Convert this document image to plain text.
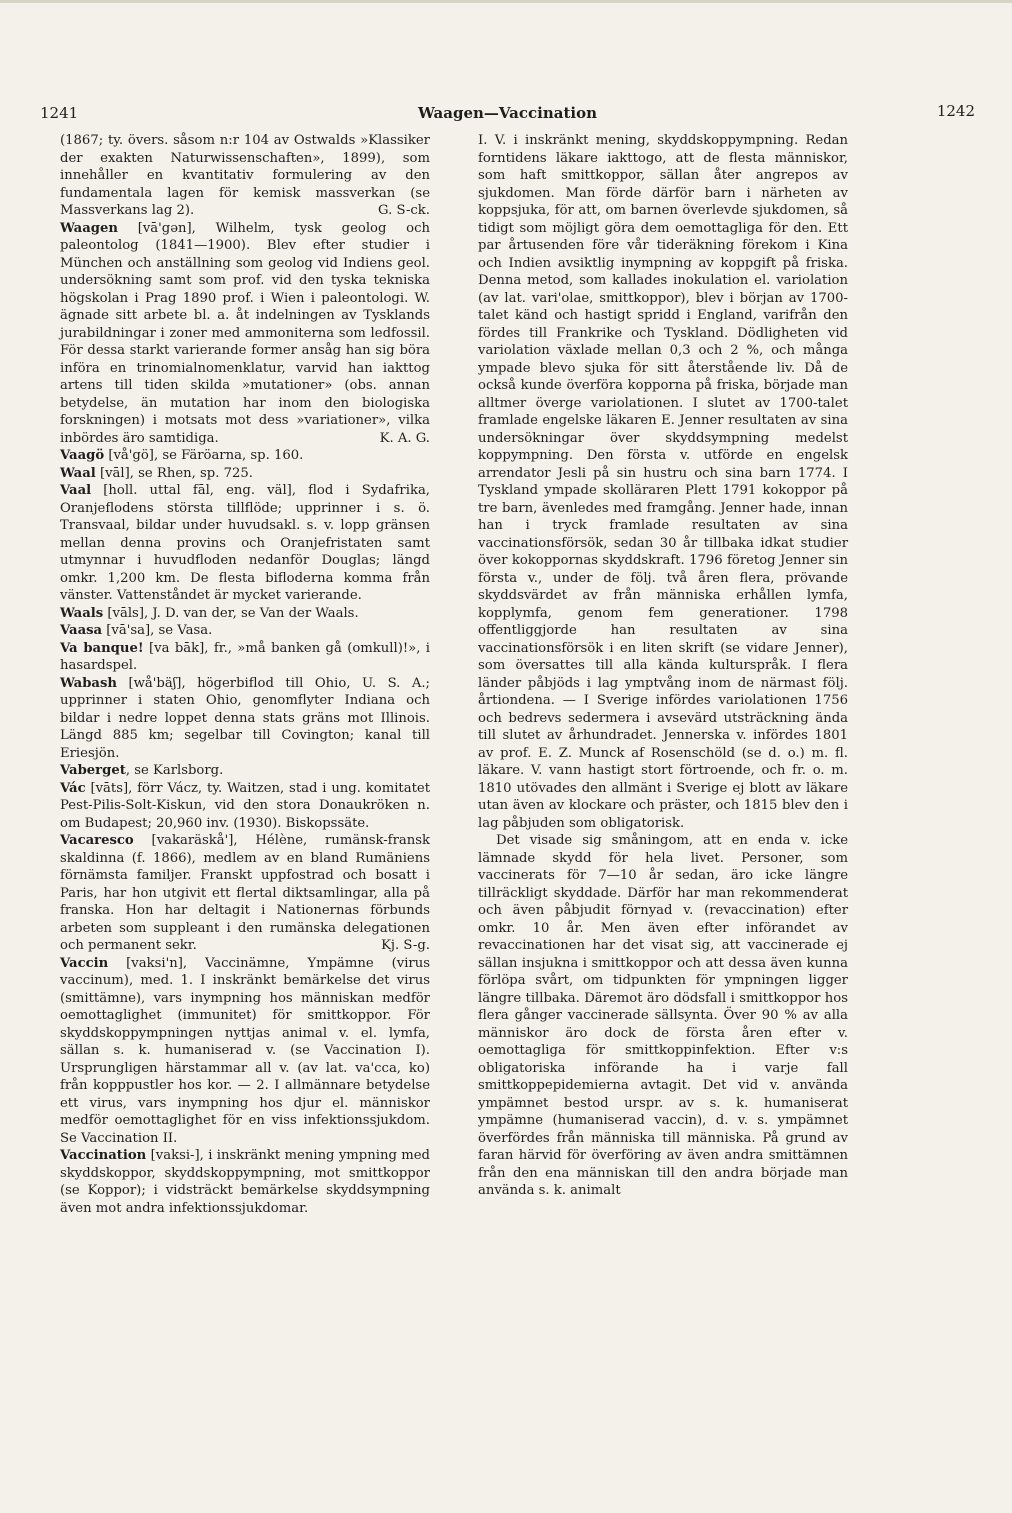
1241	Waagen—Vaccination	1242

(1867; ty. övers. såsom n:r 104 av Ostwalds »Klassiker der exakten Naturwissenschaften», 1899), som innehåller en kvantitativ formulering av den fundamentala lagen för kemisk massverkan (se Massverkans lag 2).	G. S-ck.

Waagen [vā'gən], Wilhelm, tysk geolog och paleontolog (1841—1900). Blev efter studier i München och anställning som geolog vid Indiens geol. undersökning samt som prof. vid den tyska tekniska högskolan i Prag 1890 prof. i Wien i paleontologi. W. ägnade sitt arbete bl. a. åt indelningen av Tysklands jurabildningar i zoner med ammoniterna som ledfossil. För dessa starkt varierande former ansåg han sig böra införa en trinomialnomenklatur, varvid han iakttog artens till tiden skilda »mutationer» (obs. annan betydelse, än mutation har inom den biologiska forskningen) i motsats mot dess »variationer», vilka inbördes äro samtidiga.	K. A. G.

Vaagö [vå'gö], se Färöarna, sp. 160.

Waal [vāl], se Rhen, sp. 725.

Vaal [holl. uttal fāl, eng. väl], flod i Sydafrika, Oranjeflodens största tillflöde; upprinner i s. ö. Transvaal, bildar under huvudsakl. s. v. lopp gränsen mellan denna provins och Oranjefristaten samt utmynnar i huvudfloden nedanför Douglas; längd omkr. 1,200 km. De flesta bifloderna komma från vänster. Vattenståndet är mycket varierande.

Waals [vāls], J. D. van der, se Van der Waals.

Vaasa [vā'sa], se Vasa.

Va banque! [va bāk], fr., »må banken gå (omkull)!», i hasardspel.

Wabash [wå'bäʃ], högerbiflod till Ohio, U. S. A.; upprinner i staten Ohio, genomflyter Indiana och bildar i nedre loppet denna stats gräns mot Illinois. Längd 885 km; segelbar till Covington; kanal till Eriesjön.

Vaberget, se Karlsborg.

Vác [vāts], förr Vácz, ty. Waitzen, stad i ung. komitatet Pest-Pilis-Solt-Kiskun, vid den stora Donaukröken n. om Budapest; 20,960 inv. (1930). Biskopssäte.

Vacaresco [vakaräskå'], Hélène, rumänsk-fransk skaldinna (f. 1866), medlem av en bland Rumäniens förnämsta familjer. Franskt uppfostrad och bosatt i Paris, har hon utgivit ett flertal diktsamlingar, alla på franska. Hon har deltagit i Nationernas förbunds arbeten som suppleant i den rumänska delegationen och permanent sekr.	Kj. S-g.

Vaccin [vaksi'n], Vaccinämne, Ympämne (virus vaccinum), med. 1. I inskränkt bemärkelse det virus (smittämne), vars inympning hos människan medför oemottaglighet (immunitet) för smittkoppor. För skyddskoppympningen nyttjas animal v. el. lymfa, sällan s. k. humaniserad v. (se Vaccination I). Ursprungligen härstammar all v. (av lat. va'cca, ko) från kopppustler hos kor. — 2. I allmännare betydelse ett virus, vars inympning hos djur el. människor medför oemottaglighet för en viss infektionssjukdom. Se Vaccination II.

Vaccination [vaksi-], i inskränkt mening ympning med skyddskoppor, skyddskoppympning, mot smittkoppor (se Koppor); i vidsträckt bemärkelse skyddsympning även mot andra infektionssjukdomar.

I. V. i inskränkt mening, skyddskoppympning. Redan forntidens läkare iakttogo, att de flesta människor, som haft smittkoppor, sällan åter angrepos av sjukdomen. Man förde därför barn i närheten av koppsjuka, för att, om barnen överlevde sjukdomen, så tidigt som möjligt göra dem oemottagliga för den. Ett par årtusenden före vår tideräkning förekom i Kina och Indien avsiktlig inympning av koppgift på friska. Denna metod, som kallades inokulation el. variolation (av lat. vari'olae, smittkoppor), blev i början av 1700-talet känd och hastigt spridd i England, varifrån den fördes till Frankrike och Tyskland. Dödligheten vid variolation växlade mellan 0,3 och 2 %, och många ympade blevo sjuka för sitt återstående liv. Då de också kunde överföra kopporna på friska, började man alltmer överge variolationen. I slutet av 1700-talet framlade engelske läkaren E. Jenner resultaten av sina undersökningar över skyddsympning medelst koppympning. Den första v. utförde en engelsk arrendator Jesli på sin hustru och sina barn 1774. I Tyskland ympade skolläraren Plett 1791 kokoppor på tre barn, ävenledes med framgång. Jenner hade, innan han i tryck framlade resultaten av sina vaccinationsförsök, sedan 30 år tillbaka idkat studier över kokoppornas skyddskraft. 1796 företog Jenner sin första v., under de följ. två åren flera, prövande skyddsvärdet av från människa erhållen lymfa, kopplymfa, genom fem generationer. 1798 offentliggjorde han resultaten av sina vaccinationsförsök i en liten skrift (se vidare Jenner), som översattes till alla kända kulturspråk. I flera länder påbjöds i lag ymptvång inom de närmast följ. årtiondena. — I Sverige infördes variolationen 1756 och bedrevs sedermera i avsevärd utsträckning ända till slutet av århundradet. Jennerska v. infördes 1801 av prof. E. Z. Munck af Rosenschöld (se d. o.) m. fl. läkare. V. vann hastigt stort förtroende, och fr. o. m. 1810 utövades den allmänt i Sverige ej blott av läkare utan även av klockare och präster, och 1815 blev den i lag påbjuden som obligatorisk.

Det visade sig småningom, att en enda v. icke lämnade skydd för hela livet. Personer, som vaccinerats för 7—10 år sedan, äro icke längre tillräckligt skyddade. Därför har man rekommenderat och även påbjudit förnyad v. (revaccination) efter omkr. 10 år. Men även efter införandet av revaccinationen har det visat sig, att vaccinerade ej sällan insjukna i smittkoppor och att dessa även kunna förlöpa svårt, om tidpunkten för ympningen ligger längre tillbaka. Däremot äro dödsfall i smittkoppor hos flera gånger vaccinerade sällsynta. Över 90 % av alla människor äro dock de första åren efter v. oemottagliga för smittkoppinfektion. Efter v:s obligatoriska införande ha i varje fall smittkoppepidemierna avtagit. Det vid v. använda ympämnet bestod urspr. av s. k. humaniserat ympämne (humaniserad vaccin), d. v. s. ympämnet överfördes från människa till människa. På grund av faran härvid för överföring av även andra smittämnen från den ena människan till den andra började man använda s. k. animalt
